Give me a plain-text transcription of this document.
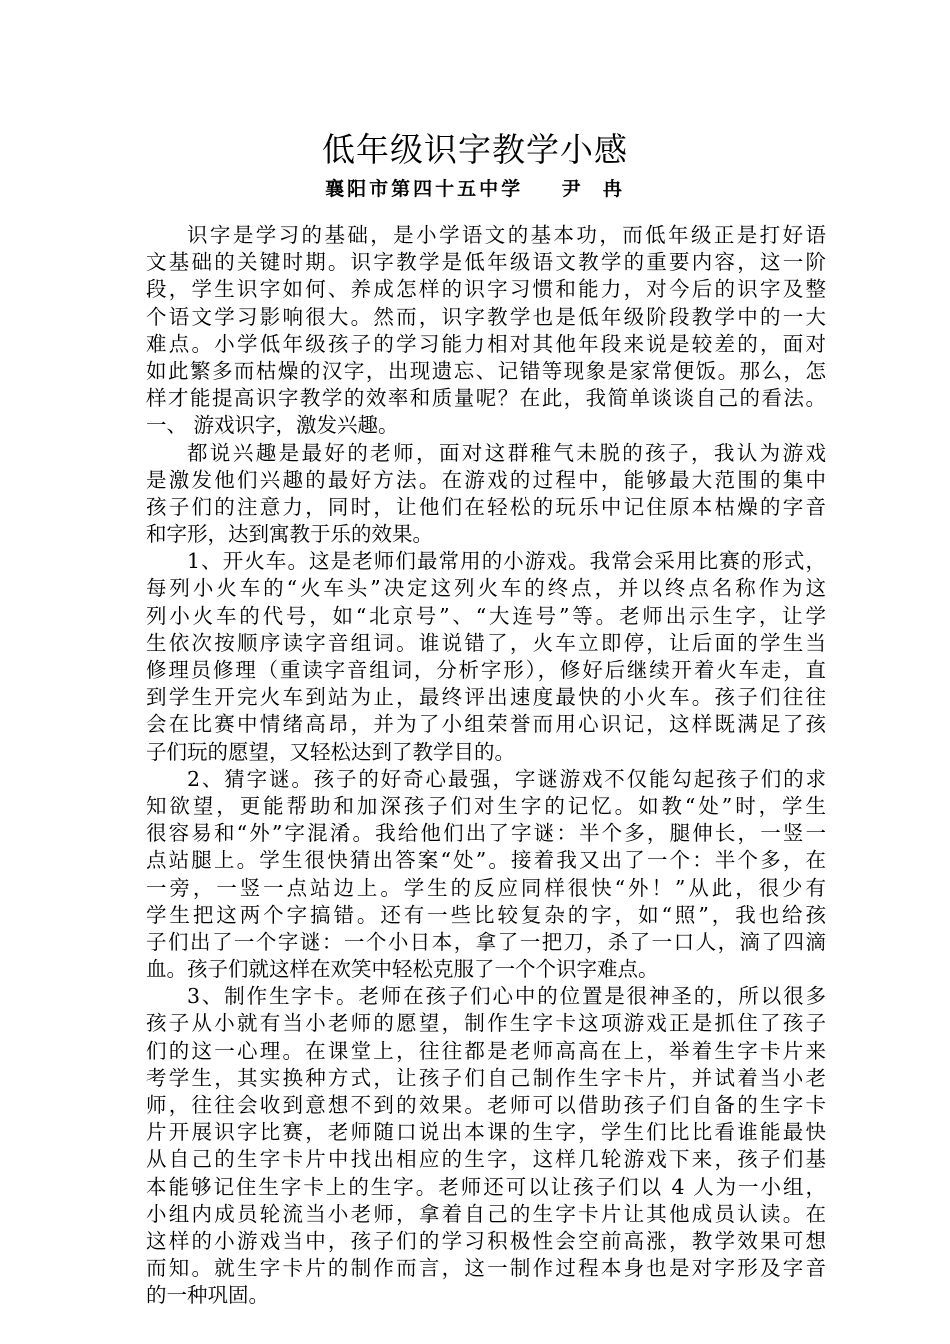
低年级识字教学小感
襄阳市第四十五中学    尹  冉
识字是学习的基础，是小学语文的基本功，而低年级正是打好语
文基础的关键时期。识字教学是低年级语文教学的重要内容，这一阶
段，学生识字如何、养成怎样的识字习惯和能力，对今后的识字及整
个语文学习影响很大。然而，识字教学也是低年级阶段教学中的一大
难点。小学低年级孩子的学习能力相对其他年段来说是较差的，面对
如此繁多而枯燥的汉字，出现遗忘、记错等现象是家常便饭。那么，怎
样才能提高识字教学的效率和质量呢？在此，我简单谈谈自己的看法。
一、 游戏识字，激发兴趣。
都说兴趣是最好的老师，面对这群稚气未脱的孩子，我认为游戏
是激发他们兴趣的最好方法。在游戏的过程中，能够最大范围的集中
孩子们的注意力，同时，让他们在轻松的玩乐中记住原本枯燥的字音
和字形，达到寓教于乐的效果。
1、开火车。这是老师们最常用的小游戏。我常会采用比赛的形式，
每列小火车的“火车头”决定这列火车的终点，并以终点名称作为这
列小火车的代号，如“北京号”、“大连号”等。老师出示生字，让学
生依次按顺序读字音组词。谁说错了，火车立即停，让后面的学生当
修理员修理（重读字音组词，分析字形），修好后继续开着火车走，直
到学生开完火车到站为止，最终评出速度最快的小火车。孩子们往往
会在比赛中情绪高昂，并为了小组荣誉而用心识记，这样既满足了孩
子们玩的愿望，又轻松达到了教学目的。
2、猜字谜。孩子的好奇心最强，字谜游戏不仅能勾起孩子们的求
知欲望，更能帮助和加深孩子们对生字的记忆。如教“处”时，学生
很容易和“外”字混淆。我给他们出了字谜：半个多，腿伸长，一竖一
点站腿上。学生很快猜出答案“处”。接着我又出了一个：半个多，在
一旁，一竖一点站边上。学生的反应同样很快“外！”从此，很少有
学生把这两个字搞错。还有一些比较复杂的字，如“照”，我也给孩
子们出了一个字谜：一个小日本，拿了一把刀，杀了一口人，滴了四滴
血。孩子们就这样在欢笑中轻松克服了一个个识字难点。
3、制作生字卡。老师在孩子们心中的位置是很神圣的，所以很多
孩子从小就有当小老师的愿望，制作生字卡这项游戏正是抓住了孩子
们的这一心理。在课堂上，往往都是老师高高在上，举着生字卡片来
考学生，其实换种方式，让孩子们自己制作生字卡片，并试着当小老
师，往往会收到意想不到的效果。老师可以借助孩子们自备的生字卡
片开展识字比赛，老师随口说出本课的生字，学生们比比看谁能最快
从自己的生字卡片中找出相应的生字，这样几轮游戏下来，孩子们基
本能够记住生字卡上的生字。老师还可以让孩子们以 4 人为一小组，
小组内成员轮流当小老师，拿着自己的生字卡片让其他成员认读。在
这样的小游戏当中，孩子们的学习积极性会空前高涨，教学效果可想
而知。就生字卡片的制作而言，这一制作过程本身也是对字形及字音
的一种巩固。
